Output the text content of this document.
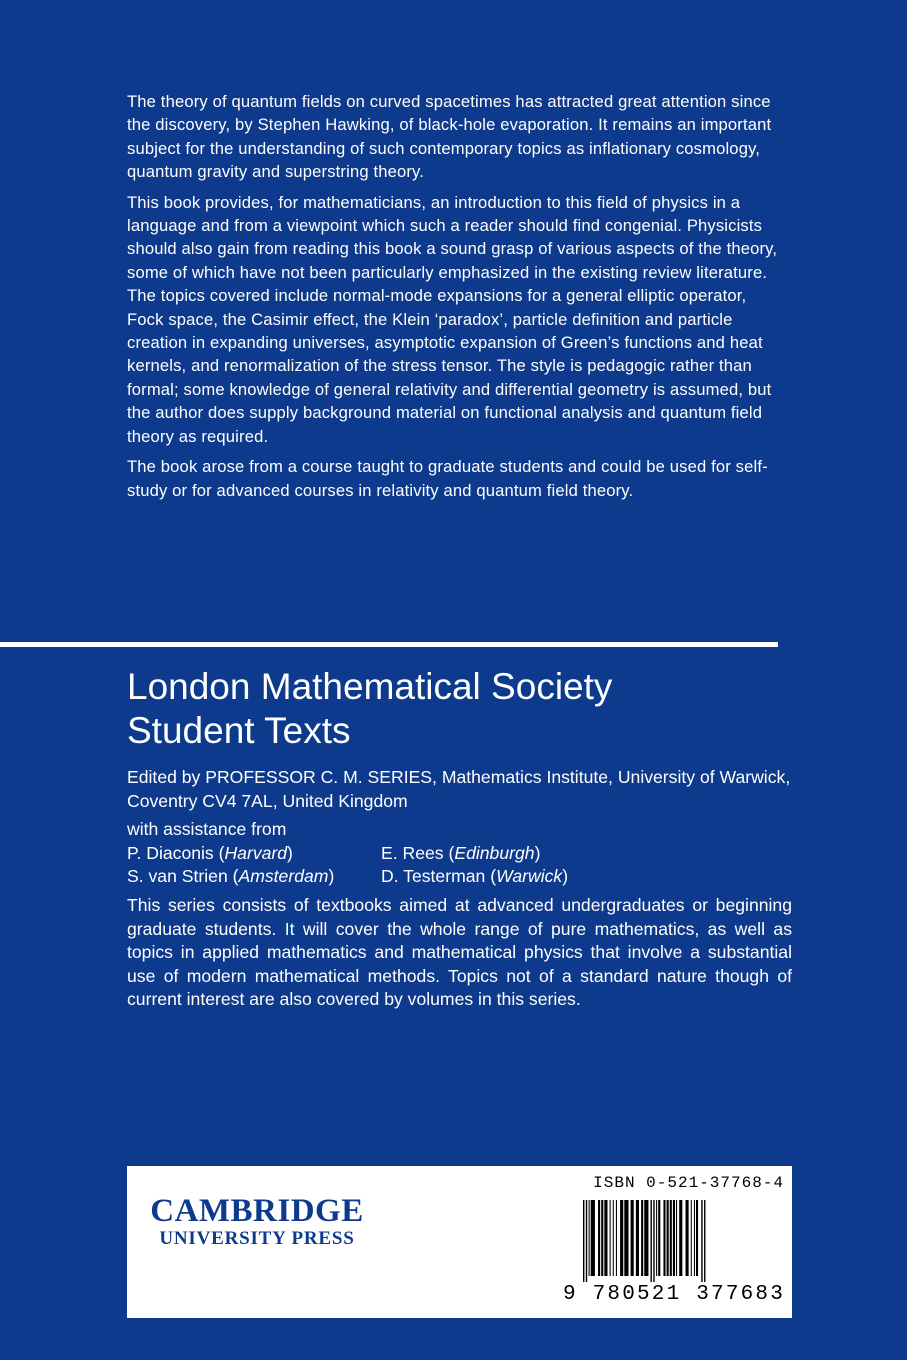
The theory of quantum fields on curved spacetimes has attracted great attention since the discovery, by Stephen Hawking, of black-hole evaporation. It remains an important subject for the understanding of such contemporary topics as inflationary cosmology, quantum gravity and superstring theory.

This book provides, for mathematicians, an introduction to this field of physics in a language and from a viewpoint which such a reader should find congenial. Physicists should also gain from reading this book a sound grasp of various aspects of the theory, some of which have not been particularly emphasized in the existing review literature. The topics covered include normal-mode expansions for a general elliptic operator, Fock space, the Casimir effect, the Klein ‘paradox’, particle definition and particle creation in expanding universes, asymptotic expansion of Green’s functions and heat kernels, and renormalization of the stress tensor. The style is pedagogic rather than formal; some knowledge of general relativity and differential geometry is assumed, but the author does supply background material on functional analysis and quantum field theory as required.

The book arose from a course taught to graduate students and could be used for self-study or for advanced courses in relativity and quantum field theory.

London Mathematical Society
Student Texts
Edited by PROFESSOR C. M. SERIES, Mathematics Institute, University of Warwick, Coventry CV4 7AL, United Kingdom
with assistance from
P. Diaconis (Harvard)	E. Rees (Edinburgh)
S. van Strien (Amsterdam)	D. Testerman (Warwick)
This series consists of textbooks aimed at advanced undergraduates or beginning graduate students. It will cover the whole range of pure mathematics, as well as topics in applied mathematics and mathematical physics that involve a substantial use of modern mathematical methods. Topics not of a standard nature though of current interest are also covered by volumes in this series.
CAMBRIDGE
UNIVERSITY PRESS
ISBN 0-521-37768-4
9 780521 377683
